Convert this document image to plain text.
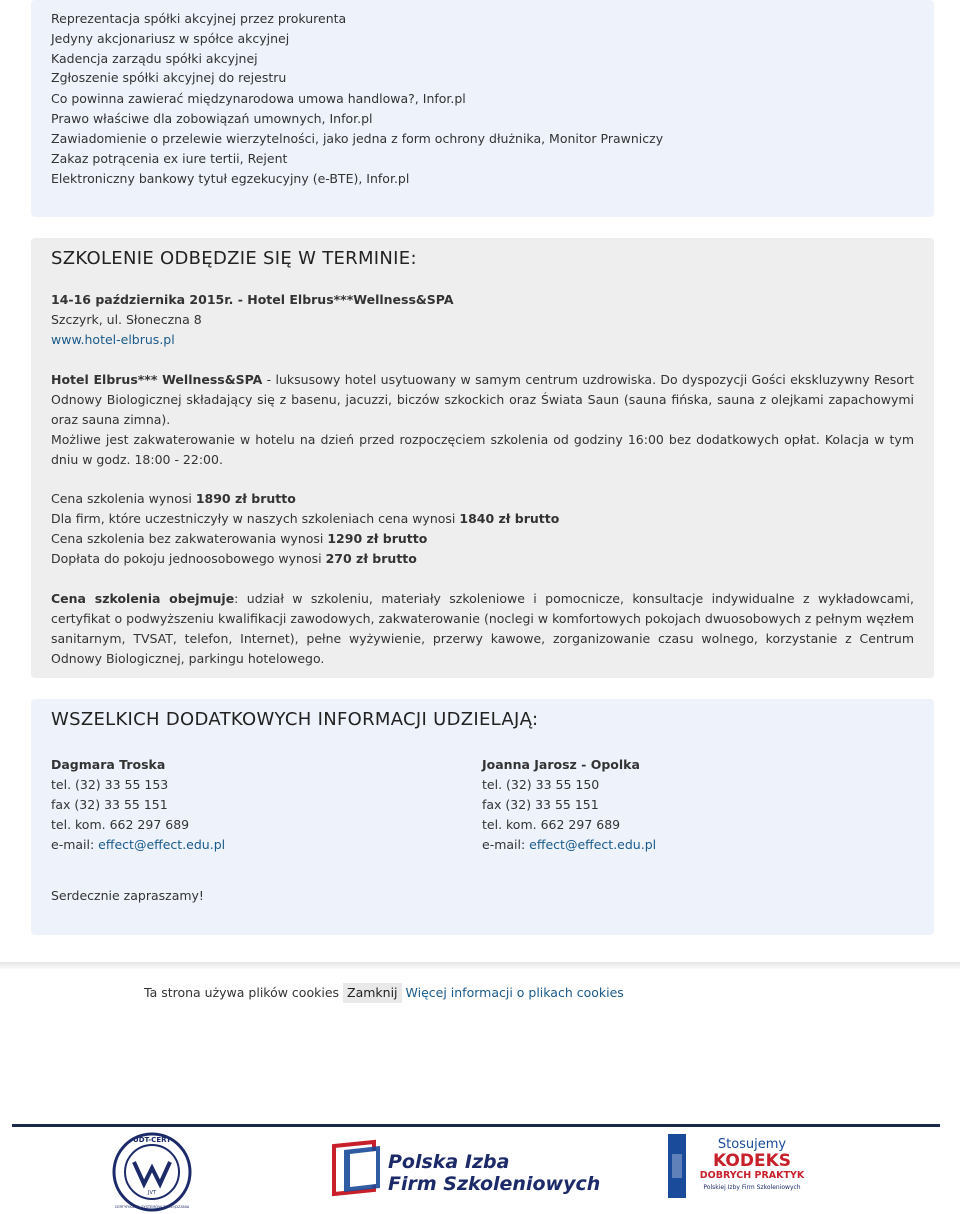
Reprezentacja spółki akcyjnej przez prokurenta
Jedyny akcjonariusz w spółce akcyjnej
Kadencja zarządu spółki akcyjnej
Zgłoszenie spółki akcyjnej do rejestru
Co powinna zawierać międzynarodowa umowa handlowa?, Infor.pl
Prawo właściwe dla zobowiązań umownych, Infor.pl
Zawiadomienie o przelewie wierzytelności, jako jedna z form ochrony dłużnika, Monitor Prawniczy
Zakaz potrącenia ex iure tertii, Rejent
Elektroniczny bankowy tytuł egzekucyjny (e-BTE), Infor.pl
SZKOLENIE ODBĘDZIE SIĘ W TERMINIE:
14-16 października 2015r. - Hotel Elbrus***Wellness&SPA
Szczyrk, ul. Słoneczna 8
www.hotel-elbrus.pl
Hotel Elbrus*** Wellness&SPA - luksusowy hotel usytuowany w samym centrum uzdrowiska. Do dyspozycji Gości ekskluzywny Resort Odnowy Biologicznej składający się z basenu, jacuzzi, biczów szkockich oraz Świata Saun (sauna fińska, sauna z olejkami zapachowymi oraz sauna zimna).
Możliwe jest zakwaterowanie w hotelu na dzień przed rozpoczęciem szkolenia od godziny 16:00 bez dodatkowych opłat. Kolacja w tym dniu w godz. 18:00 - 22:00.
Cena szkolenia wynosi 1890 zł brutto
Dla firm, które uczestniczyły w naszych szkoleniach cena wynosi 1840 zł brutto
Cena szkolenia bez zakwaterowania wynosi 1290 zł brutto
Dopłata do pokoju jednoosobowego wynosi 270 zł brutto
Cena szkolenia obejmuje: udział w szkoleniu, materiały szkoleniowe i pomocnicze, konsultacje indywidualne z wykładowcami, certyfikat o podwyższeniu kwalifikacji zawodowych, zakwaterowanie (noclegi w komfortowych pokojach dwuosobowych z pełnym węzłem sanitarnym, TVSAT, telefon, Internet), pełne wyżywienie, przerwy kawowe, zorganizowanie czasu wolnego, korzystanie z Centrum Odnowy Biologicznej, parkingu hotelowego.
WSZELKICH DODATKOWYCH INFORMACJI UDZIELAJĄ:
Dagmara Troska
tel. (32) 33 55 153
fax (32) 33 55 151
tel. kom. 662 297 689
e-mail: effect@effect.edu.pl
Joanna Jarosz - Opolka
tel. (32) 33 55 150
fax (32) 33 55 151
tel. kom. 662 297 689
e-mail: effect@effect.edu.pl
Serdecznie zapraszamy!
Ta strona używa plików cookies Zamknij Więcej informacji o plikach cookies
JVT
UDT-CERT
CERTYFIKACJA SYSTEMÓW ZARZĄDZANIA
Polska Izba
Firm Szkoleniowych
Stosujemy
KODEKS
DOBRYCH PRAKTYK
Polskiej Izby Firm Szkoleniowych
